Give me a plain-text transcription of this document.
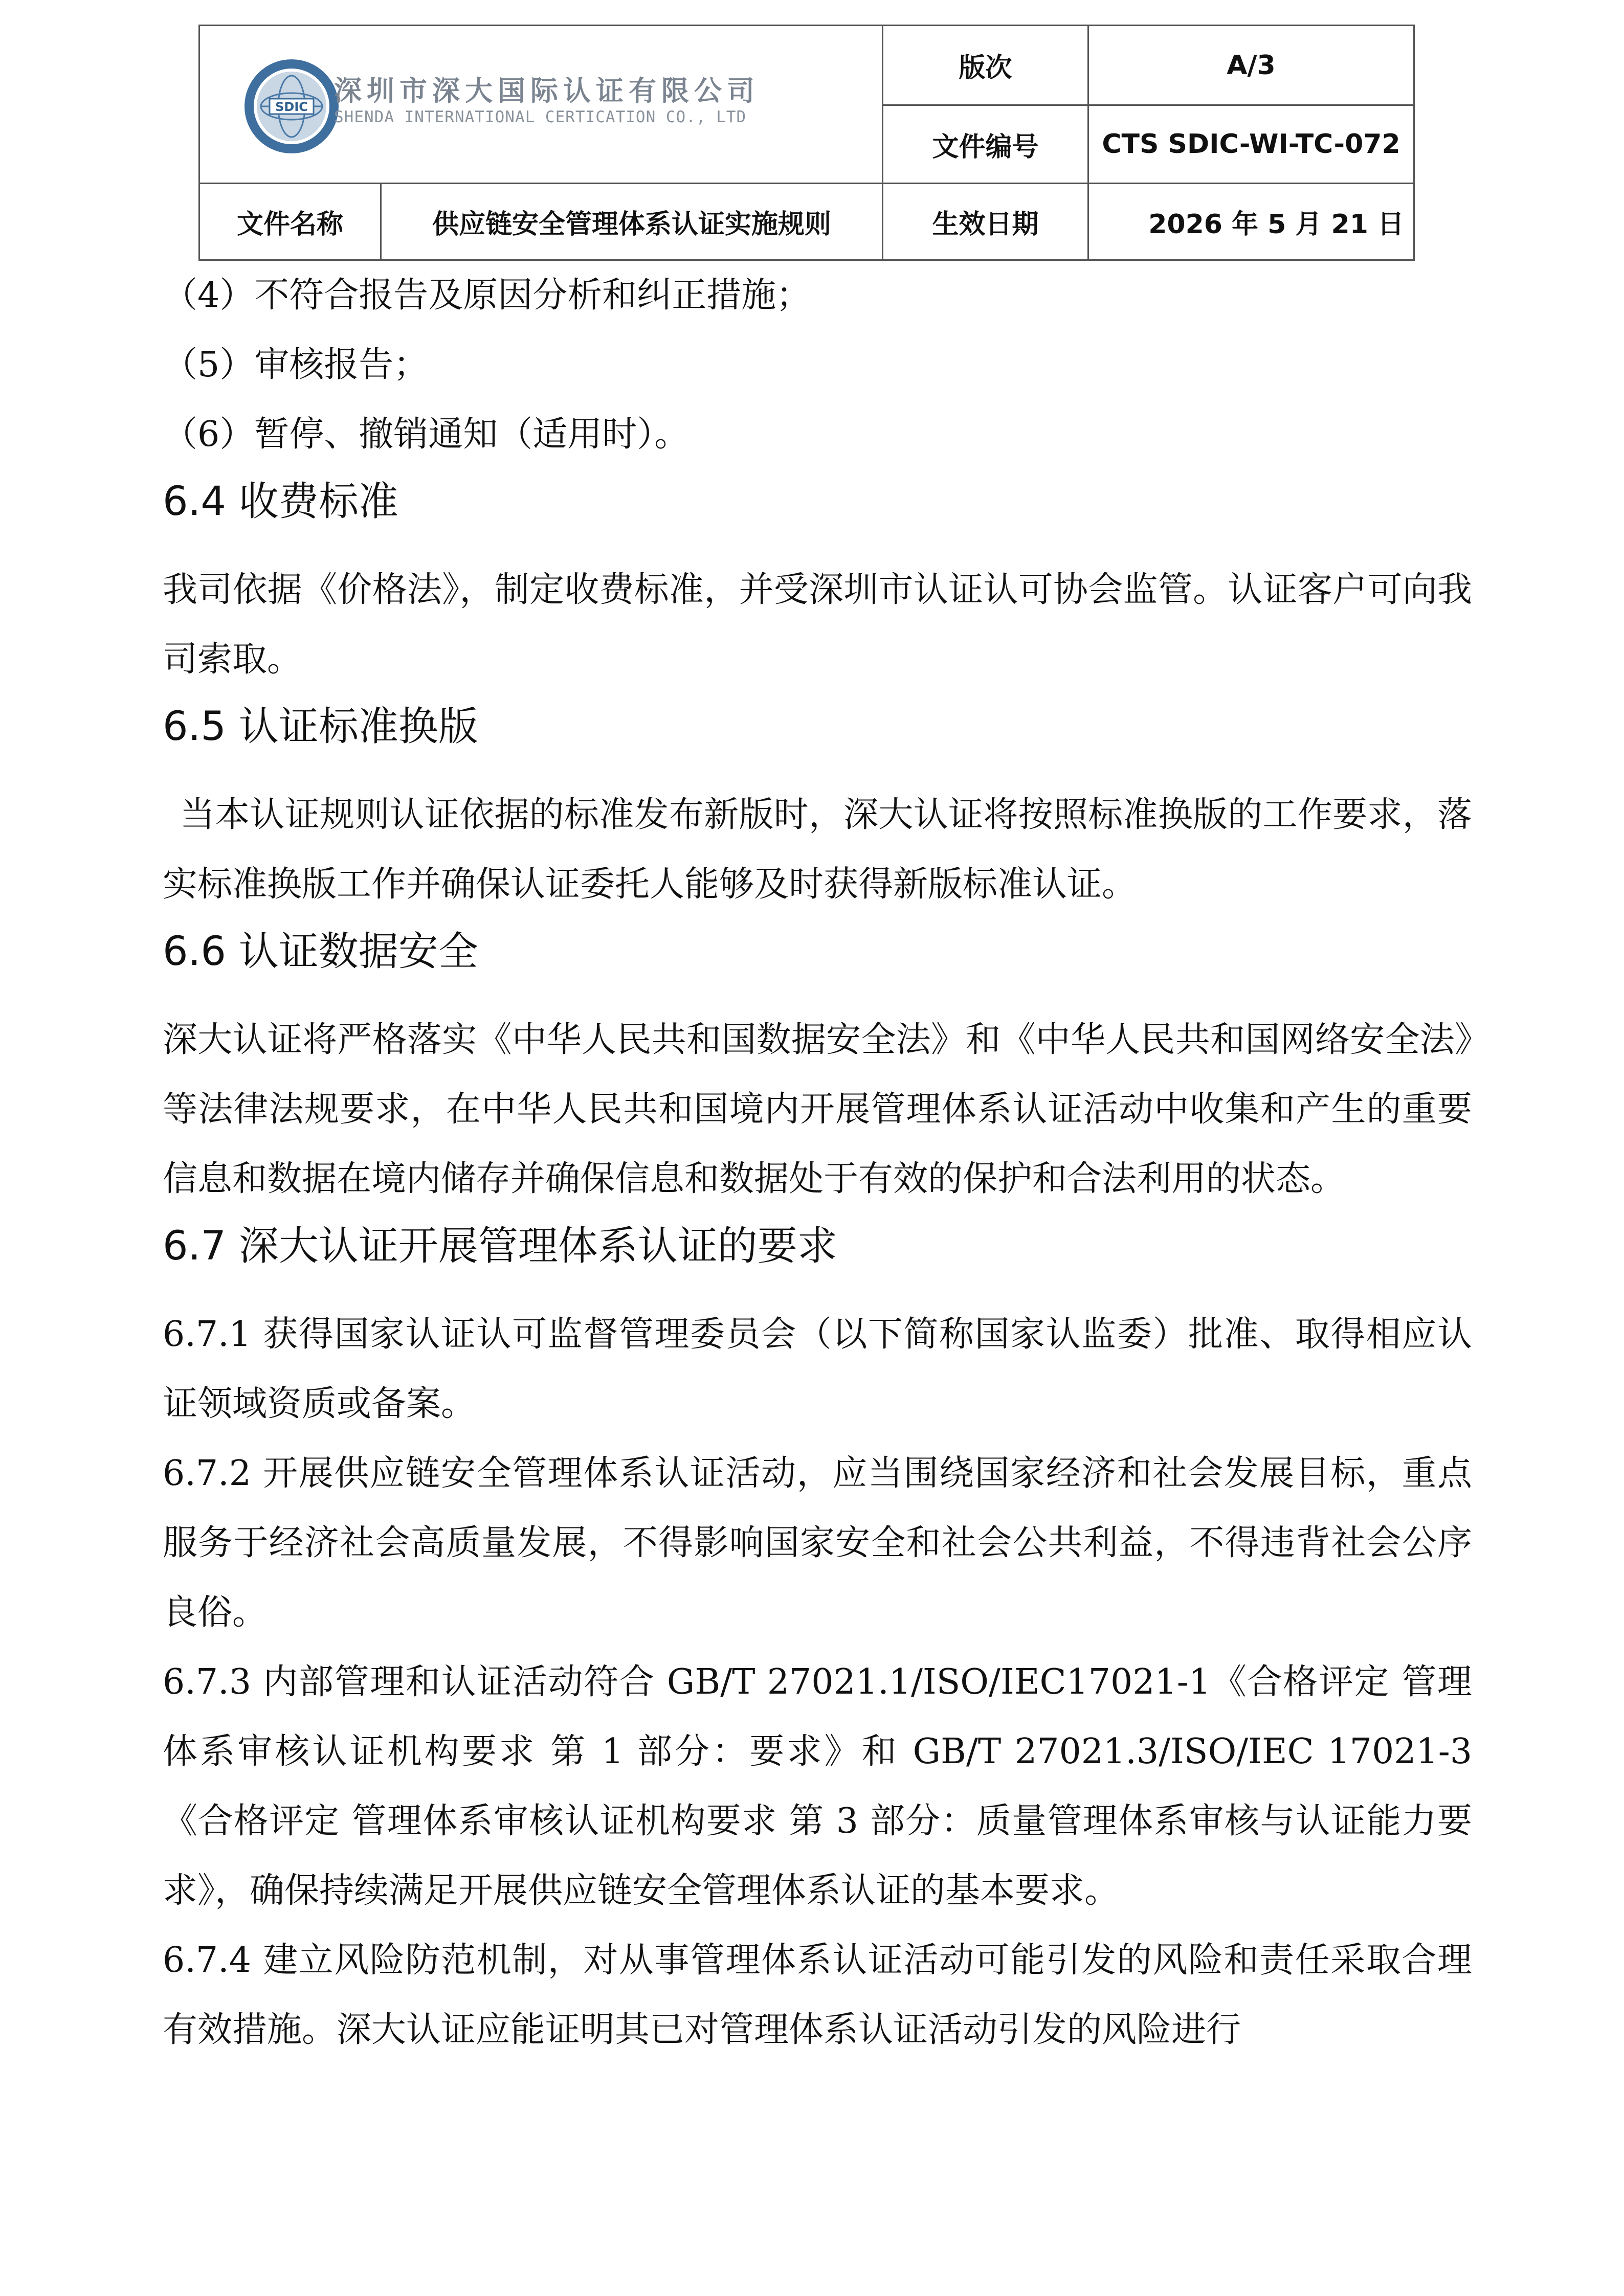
SDIC 深圳市深大国际认证有限公司
SHENDA INTERNATIONAL CERTICATION CO., LTD
版次	A/3
文件编号	CTS SDIC-WI-TC-072
文件名称	供应链安全管理体系认证实施规则	生效日期	2026 年 5 月 21 日

（4）不符合报告及原因分析和纠正措施；

（5）审核报告；

（6）暂停、撤销通知（适用时）。

6.4 收费标准

我司依据《价格法》，制定收费标准，并受深圳市认证认可协会监管。认证客户可向我司索取。

6.5 认证标准换版

当本认证规则认证依据的标准发布新版时，深大认证将按照标准换版的工作要求，落实标准换版工作并确保认证委托人能够及时获得新版标准认证。

6.6 认证数据安全

深大认证将严格落实《中华人民共和国数据安全法》和《中华人民共和国网络安全法》等法律法规要求，在中华人民共和国境内开展管理体系认证活动中收集和产生的重要信息和数据在境内储存并确保信息和数据处于有效的保护和合法利用的状态。

6.7 深大认证开展管理体系认证的要求

6.7.1 获得国家认证认可监督管理委员会（以下简称国家认监委）批准、取得相应认证领域资质或备案。

6.7.2 开展供应链安全管理体系认证活动，应当围绕国家经济和社会发展目标，重点服务于经济社会高质量发展，不得影响国家安全和社会公共利益，不得违背社会公序良俗。

6.7.3 内部管理和认证活动符合 GB/T 27021.1/ISO/IEC17021-1《合格评定 管理体系审核认证机构要求 第 1 部分：要求》和 GB/T 27021.3/ISO/IEC 17021-3《合格评定 管理体系审核认证机构要求 第 3 部分：质量管理体系审核与认证能力要求》，确保持续满足开展供应链安全管理体系认证的基本要求。

6.7.4 建立风险防范机制，对从事管理体系认证活动可能引发的风险和责任采取合理有效措施。深大认证应能证明其已对管理体系认证活动引发的风险进行
